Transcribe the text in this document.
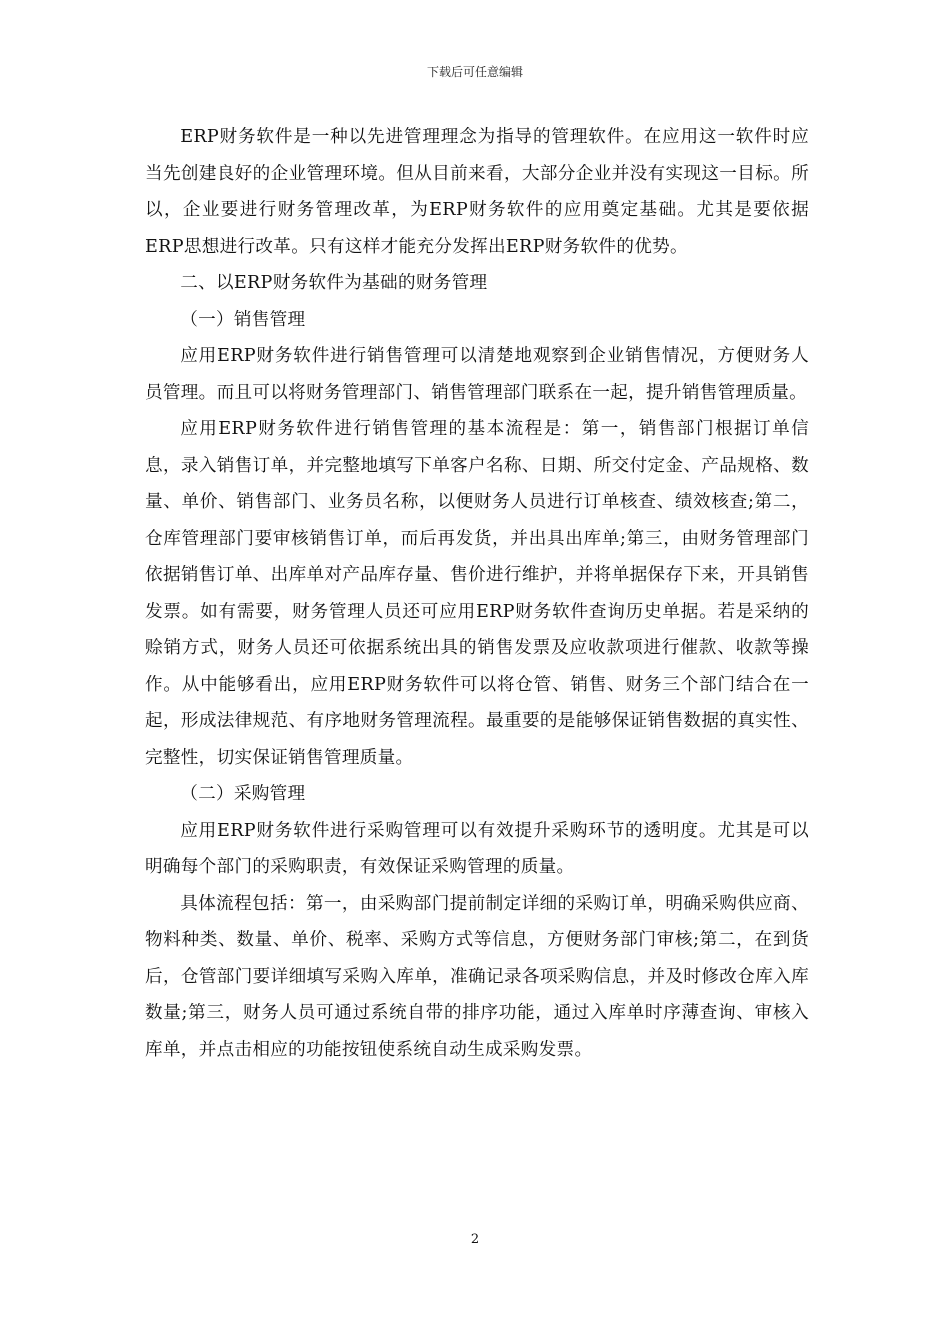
下载后可任意编辑

ERP财务软件是一种以先进管理理念为指导的管理软件。在应用这一软件时应当先创建良好的企业管理环境。但从目前来看，大部分企业并没有实现这一目标。所以，企业要进行财务管理改革，为ERP财务软件的应用奠定基础。尤其是要依据ERP思想进行改革。只有这样才能充分发挥出ERP财务软件的优势。

二、以ERP财务软件为基础的财务管理

（一）销售管理

应用ERP财务软件进行销售管理可以清楚地观察到企业销售情况，方便财务人员管理。而且可以将财务管理部门、销售管理部门联系在一起，提升销售管理质量。

应用ERP财务软件进行销售管理的基本流程是：第一，销售部门根据订单信息，录入销售订单，并完整地填写下单客户名称、日期、所交付定金、产品规格、数量、单价、销售部门、业务员名称，以便财务人员进行订单核查、绩效核查;第二，仓库管理部门要审核销售订单，而后再发货，并出具出库单;第三，由财务管理部门依据销售订单、出库单对产品库存量、售价进行维护，并将单据保存下来，开具销售发票。如有需要，财务管理人员还可应用ERP财务软件查询历史单据。若是采纳的赊销方式，财务人员还可依据系统出具的销售发票及应收款项进行催款、收款等操作。从中能够看出，应用ERP财务软件可以将仓管、销售、财务三个部门结合在一起，形成法律规范、有序地财务管理流程。最重要的是能够保证销售数据的真实性、完整性，切实保证销售管理质量。

（二）采购管理

应用ERP财务软件进行采购管理可以有效提升采购环节的透明度。尤其是可以明确每个部门的采购职责，有效保证采购管理的质量。

具体流程包括：第一，由采购部门提前制定详细的采购订单，明确采购供应商、物料种类、数量、单价、税率、采购方式等信息，方便财务部门审核;第二，在到货后，仓管部门要详细填写采购入库单，准确记录各项采购信息，并及时修改仓库入库数量;第三，财务人员可通过系统自带的排序功能，通过入库单时序薄查询、审核入库单，并点击相应的功能按钮使系统自动生成采购发票。

2
